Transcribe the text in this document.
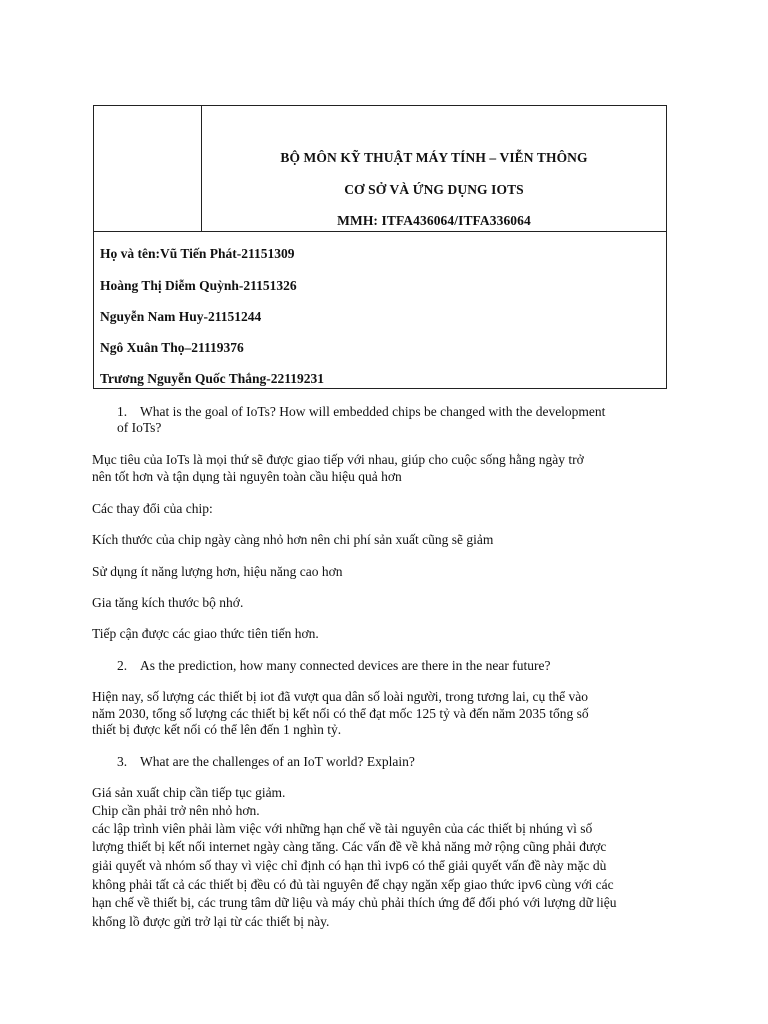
BỘ MÔN KỸ THUẬT MÁY TÍNH – VIỄN THÔNG
CƠ SỞ VÀ ỨNG DỤNG IOTS
MMH: ITFA436064/ITFA336064
Họ và tên:Vũ Tiến Phát-21151309
Hoàng Thị Diễm Quỳnh-21151326
Nguyễn Nam Huy-21151244
Ngô Xuân Thọ–21119376
Trương Nguyễn Quốc Thắng-22119231
1. What is the goal of IoTs? How will embedded chips be changed with the development
of IoTs?
Mục tiêu của IoTs là mọi thứ sẽ được giao tiếp với nhau, giúp cho cuộc sống hằng ngày trở
nên tốt hơn và tận dụng tài nguyên toàn cầu hiệu quả hơn
Các thay đổi của chip:
Kích thước của chip ngày càng nhỏ hơn nên chi phí sản xuất cũng sẽ giảm
Sử dụng ít năng lượng hơn, hiệu năng cao hơn
Gia tăng kích thước bộ nhớ.
Tiếp cận được các giao thức tiên tiến hơn.
2. As the prediction, how many connected devices are there in the near future?
Hiện nay, số lượng các thiết bị iot đã vượt qua dân số loài người, trong tương lai, cụ thể vào
năm 2030, tổng số lượng các thiết bị kết nối có thể đạt mốc 125 tỷ và đến năm 2035 tổng số
thiết bị được kết nối có thể lên đến 1 nghìn tỷ.
3. What are the challenges of an IoT world? Explain?
Giá sản xuất chip cần tiếp tục giảm.
Chip cần phải trở nên nhỏ hơn.
các lập trình viên phải làm việc với những hạn chế về tài nguyên của các thiết bị nhúng vì số
lượng thiết bị kết nối internet ngày càng tăng. Các vấn đề về khả năng mở rộng cũng phải được
giải quyết và nhóm số thay vì việc chỉ định có hạn thì ivp6 có thể giải quyết vấn đề này mặc dù
không phải tất cả các thiết bị đều có đủ tài nguyên để chạy ngăn xếp giao thức ipv6 cùng với các
hạn chế về thiết bị, các trung tâm dữ liệu và máy chủ phải thích ứng để đối phó với lượng dữ liệu
khổng lồ được gửi trở lại từ các thiết bị này.
